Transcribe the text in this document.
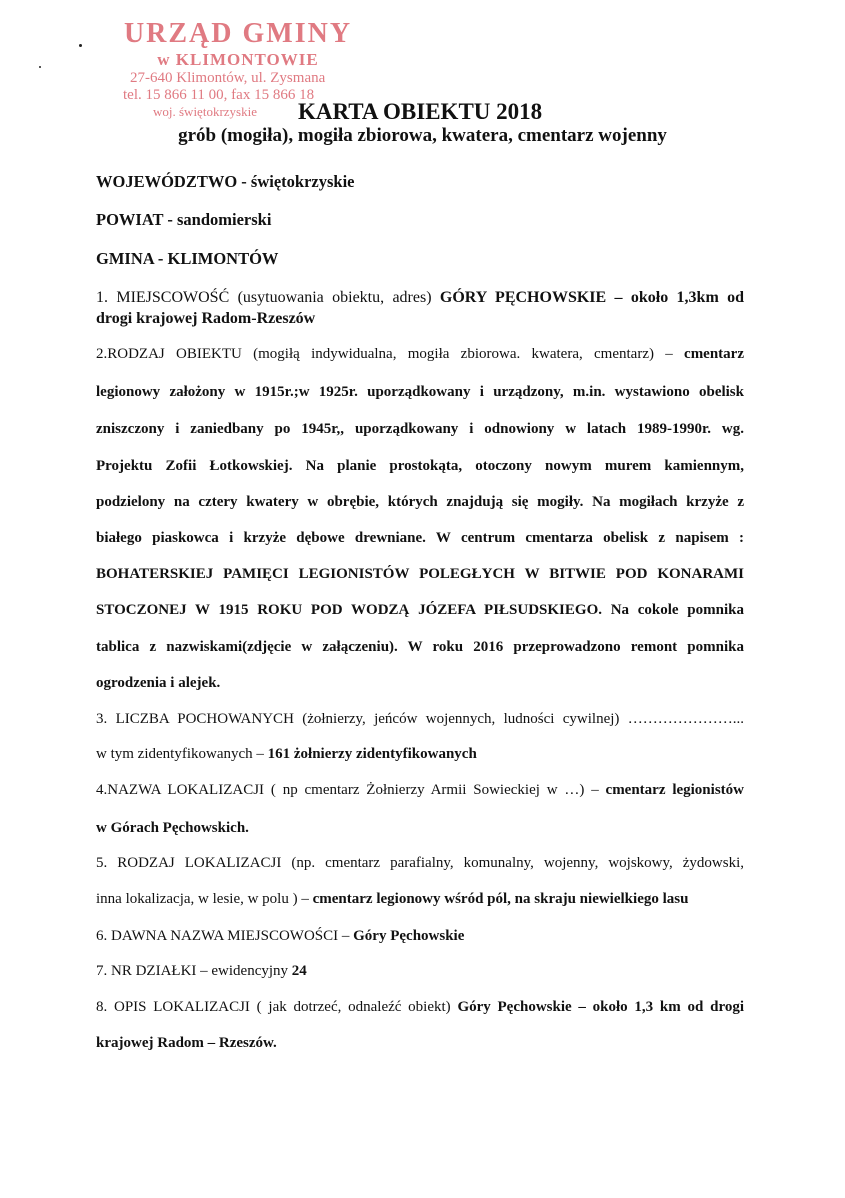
URZĄD GMINY
w KLIMONTOWIE
27-640 Klimontów, ul. Zysmana
tel. 15 866 11 00, fax 15 866 18
woj. świętokrzyskie	KARTA OBIEKTU 2018
grób (mogiła), mogiła zbiorowa, kwatera, cmentarz wojenny
WOJEWÓDZTWO - świętokrzyskie
POWIAT - sandomierski
GMINA - KLIMONTÓW
1. MIEJSCOWOŚĆ (usytuowania obiektu, adres) GÓRY PĘCHOWSKIE – około 1,3km od
drogi krajowej Radom-Rzeszów
2.RODZAJ OBIEKTU (mogiłą indywidualna, mogiła zbiorowa. kwatera, cmentarz) – cmentarz
legionowy założony w 1915r.;w 1925r. uporządkowany i urządzony, m.in. wystawiono obelisk
zniszczony i zaniedbany po 1945r,, uporządkowany i odnowiony w latach 1989-1990r. wg.
Projektu Zofii Łotkowskiej. Na planie prostokąta, otoczony nowym murem kamiennym,
podzielony na cztery kwatery w obrębie, których znajdują się mogiły. Na mogiłach krzyże z
białego piaskowca i krzyże dębowe drewniane. W centrum cmentarza obelisk z napisem :
BOHATERSKIEJ PAMIĘCI LEGIONISTÓW POLEGŁYCH W BITWIE POD KONARAMI
STOCZONEJ W 1915 ROKU POD WODZĄ JÓZEFA PIŁSUDSKIEGO. Na cokole pomnika
tablica z nazwiskami(zdjęcie w załączeniu). W roku 2016 przeprowadzono remont pomnika
ogrodzenia i alejek.
3. LICZBA POCHOWANYCH (żołnierzy, jeńców wojennych, ludności cywilnej) …………………...
w tym zidentyfikowanych – 161 żołnierzy zidentyfikowanych
4.NAZWA LOKALIZACJI ( np cmentarz Żołnierzy Armii Sowieckiej w …) – cmentarz legionistów
w Górach Pęchowskich.
5. RODZAJ LOKALIZACJI (np. cmentarz parafialny, komunalny, wojenny, wojskowy, żydowski,
inna lokalizacja, w lesie, w polu ) – cmentarz legionowy wśród pól, na skraju niewielkiego lasu
6. DAWNA NAZWA MIEJSCOWOŚCI – Góry Pęchowskie
7. NR DZIAŁKI – ewidencyjny 24
8. OPIS LOKALIZACJI ( jak dotrzeć, odnaleźć obiekt) Góry Pęchowskie – około 1,3 km od drogi
krajowej Radom – Rzeszów.
